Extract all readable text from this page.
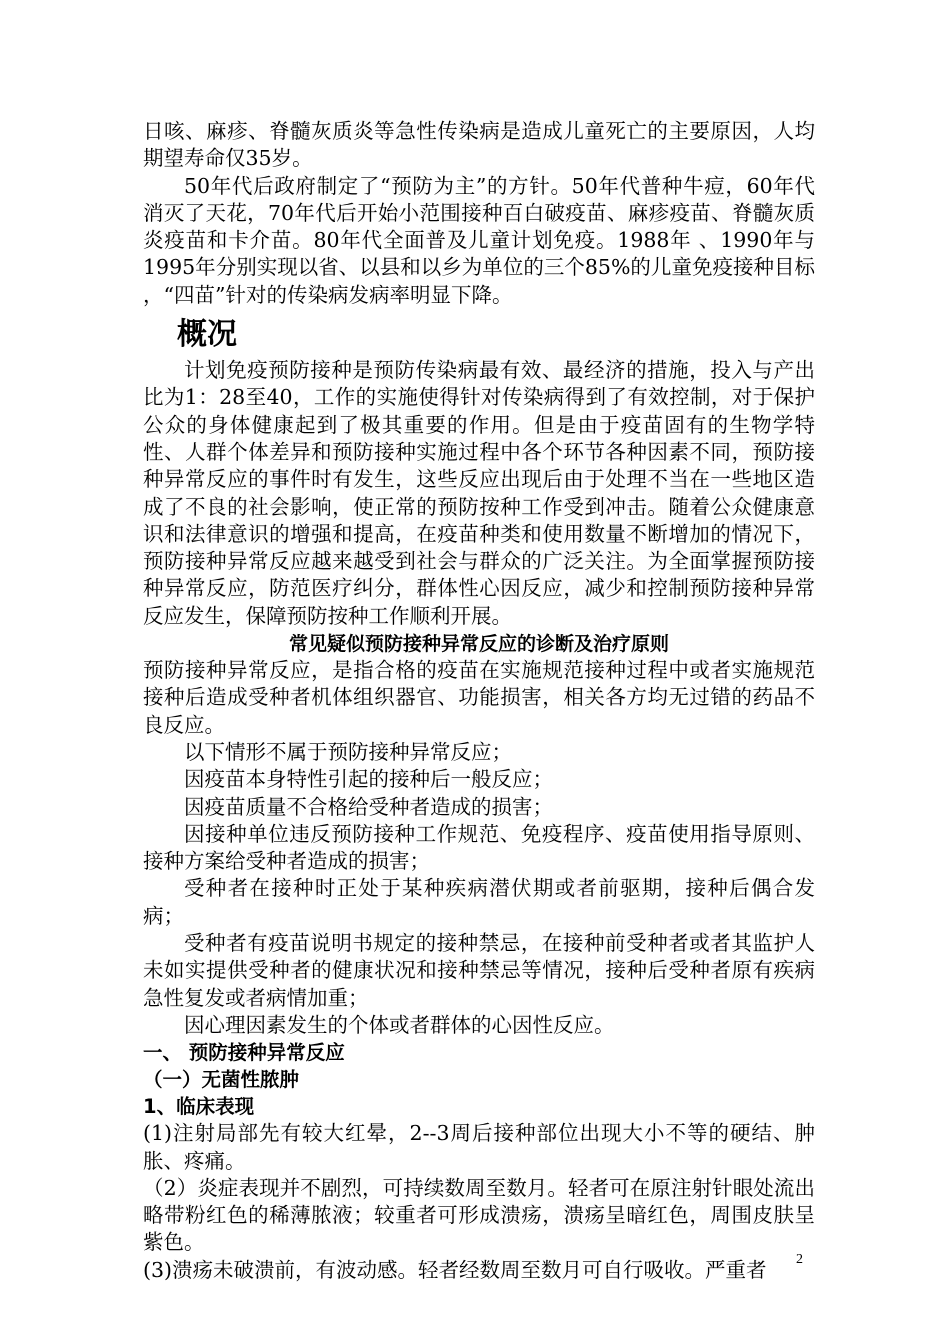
日咳、麻疹、脊髓灰质炎等急性传染病是造成儿童死亡的主要原因，人均期望寿命仅35岁。

50年代后政府制定了“预防为主”的方针。50年代普种牛痘，60年代消灭了天花，70年代后开始小范围接种百白破疫苗、麻疹疫苗、脊髓灰质炎疫苗和卡介苗。80年代全面普及儿童计划免疫。1988年 、1990年与1995年分别实现以省、以县和以乡为单位的三个85%的儿童免疫接种目标 ，“四苗”针对的传染病发病率明显下降。

概况

计划免疫预防接种是预防传染病最有效、最经济的措施，投入与产出比为1：28至40，工作的实施使得针对传染病得到了有效控制，对于保护公众的身体健康起到了极其重要的作用。但是由于疫苗固有的生物学特性、人群个体差异和预防接种实施过程中各个环节各种因素不同，预防接种异常反应的事件时有发生，这些反应出现后由于处理不当在一些地区造成了不良的社会影响，使正常的预防按种工作受到冲击。随着公众健康意识和法律意识的增强和提高，在疫苗种类和使用数量不断增加的情况下，预防接种异常反应越来越受到社会与群众的广泛关注。为全面掌握预防接种异常反应，防范医疗纠分，群体性心因反应，减少和控制预防接种异常反应发生，保障预防按种工作顺利开展。

常见疑似预防接种异常反应的诊断及治疗原则

预防接种异常反应，是指合格的疫苗在实施规范接种过程中或者实施规范接种后造成受种者机体组织器官、功能损害，相关各方均无过错的药品不良反应。

以下情形不属于预防接种异常反应；

因疫苗本身特性引起的接种后一般反应；

因疫苗质量不合格给受种者造成的损害；

因接种单位违反预防接种工作规范、免疫程序、疫苗使用指导原则、接种方案给受种者造成的损害；

受种者在接种时正处于某种疾病潜伏期或者前驱期，接种后偶合发病；

受种者有疫苗说明书规定的接种禁忌，在接种前受种者或者其监护人未如实提供受种者的健康状况和接种禁忌等情况，接种后受种者原有疾病急性复发或者病情加重；

因心理因素发生的个体或者群体的心因性反应。

一、 预防接种异常反应
（一）无菌性脓肿
1、临床表现

(1)注射局部先有较大红晕，2--3周后接种部位出现大小不等的硬结、肿胀、疼痛。

（2）炎症表现并不剧烈，可持续数周至数月。轻者可在原注射针眼处流出略带粉红色的稀薄脓液；较重者可形成溃疡，溃疡呈暗红色，周围皮肤呈紫色。

(3)溃疡未破溃前，有波动感。轻者经数周至数月可自行吸收。严重者	2
